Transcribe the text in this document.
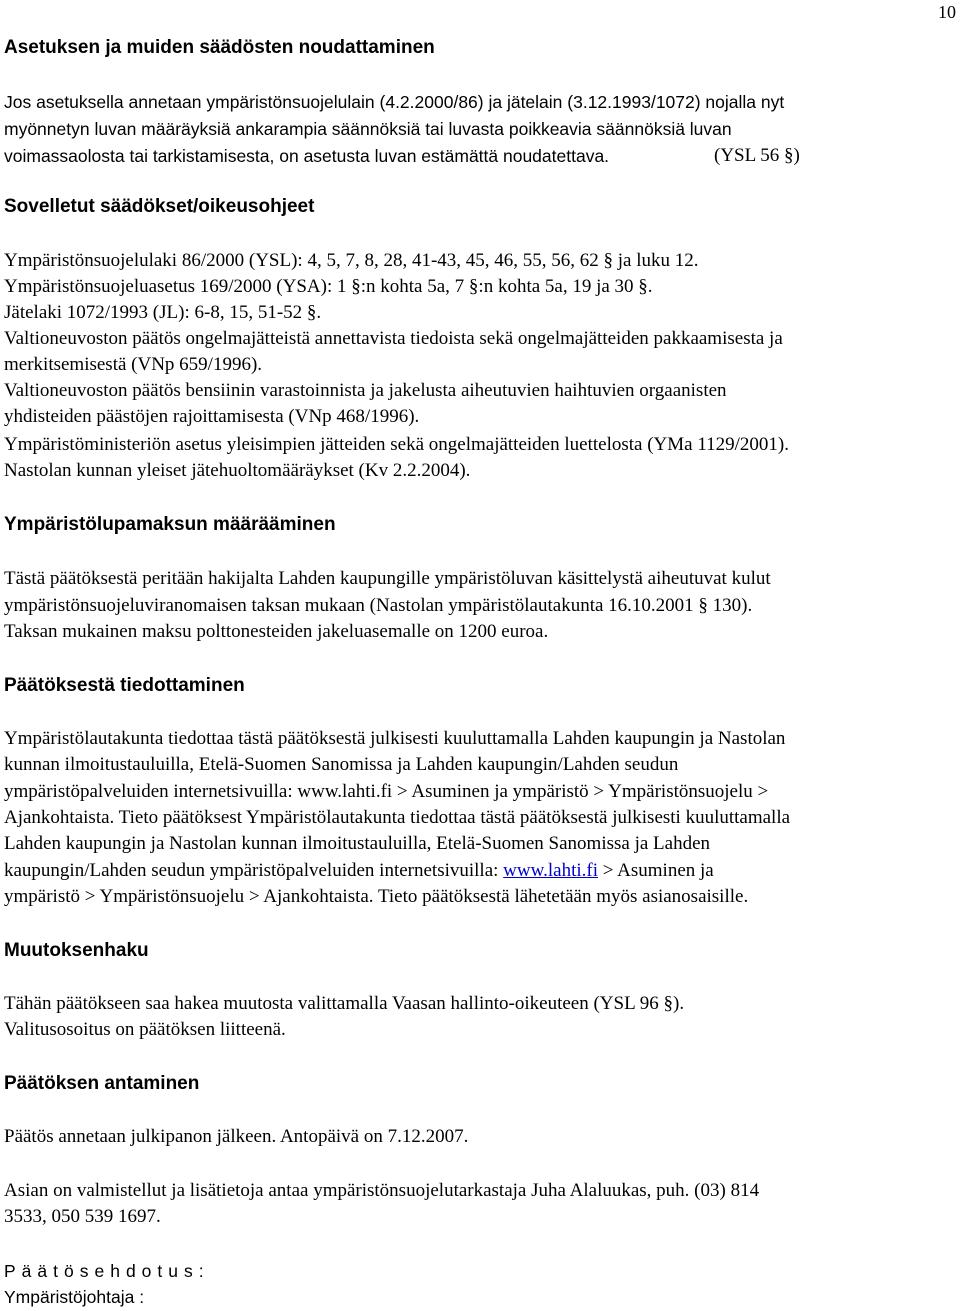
10
Asetuksen ja muiden säädösten noudattaminen
Jos asetuksella annetaan ympäristönsuojelulain (4.2.2000/86) ja jätelain (3.12.1993/1072) nojalla nyt
myönnetyn luvan määräyksiä ankarampia säännöksiä tai luvasta poikkeavia säännöksiä luvan
voimassaolosta tai tarkistamisesta, on asetusta luvan estämättä noudatettava.	(YSL 56 §)
Sovelletut säädökset/oikeusohjeet
Ympäristönsuojelulaki 86/2000 (YSL): 4, 5, 7, 8, 28, 41-43, 45, 46, 55, 56, 62 § ja luku 12.
Ympäristönsuojeluasetus 169/2000 (YSA): 1 §:n kohta 5a, 7 §:n kohta 5a, 19 ja 30 §.
Jätelaki 1072/1993 (JL): 6-8, 15, 51-52 §.
Valtioneuvoston päätös ongelmajätteistä annettavista tiedoista sekä ongelmajätteiden pakkaamisesta ja
merkitsemisestä (VNp 659/1996).
Valtioneuvoston päätös bensiinin varastoinnista ja jakelusta aiheutuvien haihtuvien orgaanisten
yhdisteiden päästöjen rajoittamisesta (VNp 468/1996).
Ympäristöministeriön asetus yleisimpien jätteiden sekä ongelmajätteiden luettelosta (YMa 1129/2001).
Nastolan kunnan yleiset jätehuoltomääräykset (Kv 2.2.2004).
Ympäristölupamaksun määrääminen
Tästä päätöksestä peritään hakijalta Lahden kaupungille ympäristöluvan käsittelystä aiheutuvat kulut
ympäristönsuojeluviranomaisen taksan mukaan (Nastolan ympäristölautakunta 16.10.2001 § 130).
Taksan mukainen maksu polttonesteiden jakeluasemalle on 1200 euroa.
Päätöksestä tiedottaminen
Ympäristölautakunta tiedottaa tästä päätöksestä julkisesti kuuluttamalla Lahden kaupungin ja Nastolan
kunnan ilmoitustauluilla, Etelä-Suomen Sanomissa ja Lahden kaupungin/Lahden seudun
ympäristöpalveluiden internetsivuilla: www.lahti.fi > Asuminen ja ympäristö > Ympäristönsuojelu >
Ajankohtaista. Tieto päätöksest Ympäristölautakunta tiedottaa tästä päätöksestä julkisesti kuuluttamalla
Lahden kaupungin ja Nastolan kunnan ilmoitustauluilla, Etelä-Suomen Sanomissa ja Lahden
kaupungin/Lahden seudun ympäristöpalveluiden internetsivuilla: www.lahti.fi > Asuminen ja
ympäristö > Ympäristönsuojelu > Ajankohtaista. Tieto päätöksestä lähetetään myös asianosaisille.
Muutoksenhaku
Tähän päätökseen saa hakea muutosta valittamalla Vaasan hallinto-oikeuteen (YSL 96 §).
Valitusosoitus on päätöksen liitteenä.
Päätöksen antaminen
Päätös annetaan julkipanon jälkeen. Antopäivä on 7.12.2007.
Asian on valmistellut ja lisätietoja antaa ympäristönsuojelutarkastaja Juha Alaluukas, puh. (03) 814
3533, 050 539 1697.
Päätösehdotus:
Ympäristöjohtaja :
